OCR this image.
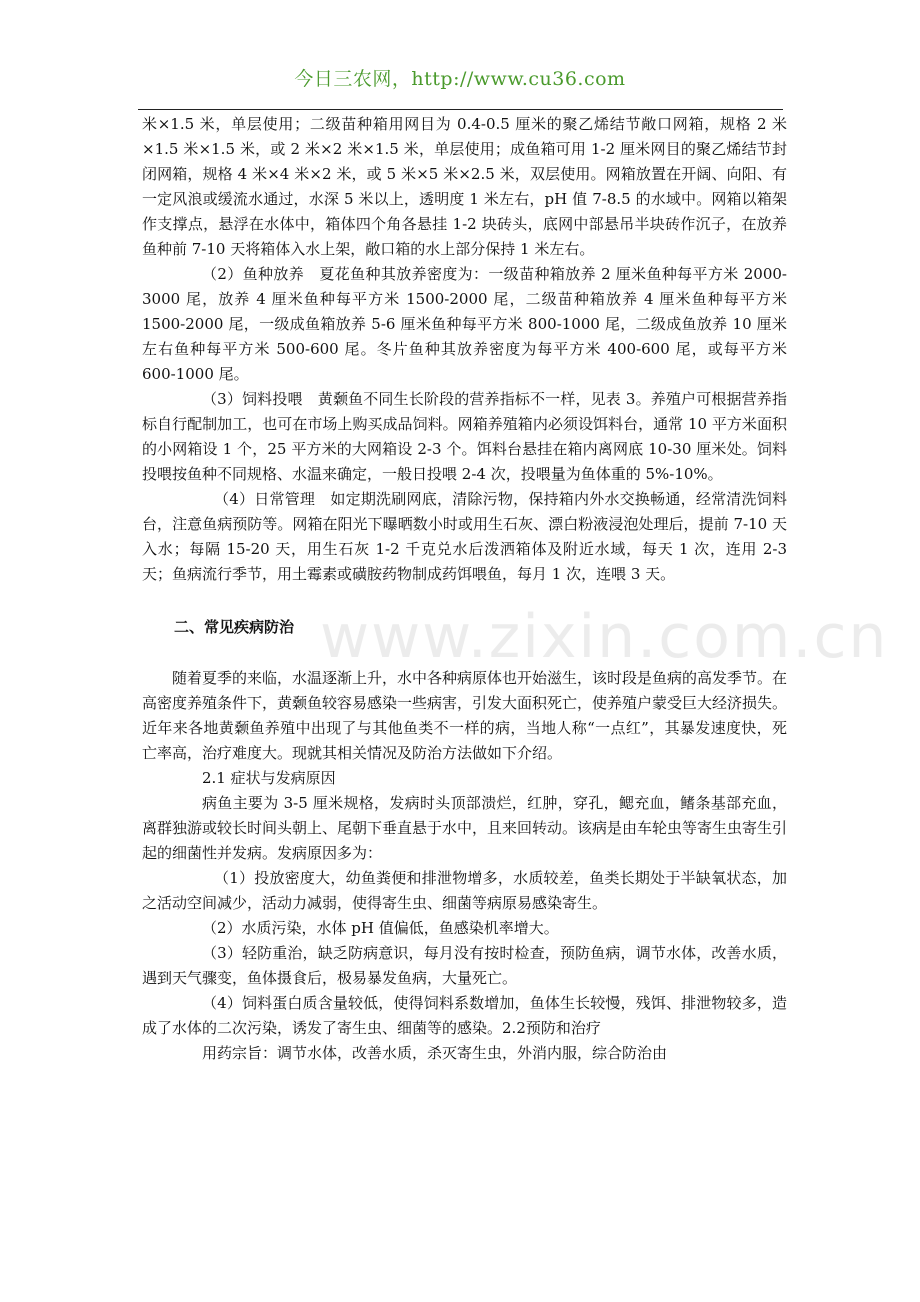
今日三农网，http://www.cu36.com
www.zixin.com.cn

米×1.5 米，单层使用；二级苗种箱用网目为 0.4-0.5 厘米的聚乙烯结节敞口网箱，规格 2 米×1.5 米×1.5 米，或 2 米×2 米×1.5 米，单层使用；成鱼箱可用 1-2 厘米网目的聚乙烯结节封闭网箱，规格 4 米×4 米×2 米，或 5 米×5 米×2.5 米，双层使用。网箱放置在开阔、向阳、有一定风浪或缓流水通过，水深 5 米以上，透明度 1 米左右，pH 值 7-8.5 的水域中。网箱以箱架作支撑点，悬浮在水体中，箱体四个角各悬挂 1-2 块砖头，底网中部悬吊半块砖作沉子，在放养鱼种前 7-10 天将箱体入水上架，敞口箱的水上部分保持 1 米左右。

（2）鱼种放养　夏花鱼种其放养密度为：一级苗种箱放养 2 厘米鱼种每平方米 2000-3000 尾，放养 4 厘米鱼种每平方米 1500-2000 尾，二级苗种箱放养 4 厘米鱼种每平方米 1500-2000 尾，一级成鱼箱放养 5-6 厘米鱼种每平方米 800-1000 尾，二级成鱼放养 10 厘米左右鱼种每平方米 500-600 尾。冬片鱼种其放养密度为每平方米 400-600 尾，或每平方米 600-1000 尾。

（3）饲料投喂　黄颡鱼不同生长阶段的营养指标不一样，见表 3。养殖户可根据营养指标自行配制加工，也可在市场上购买成品饲料。网箱养殖箱内必须设饵料台，通常 10 平方米面积的小网箱设 1 个，25 平方米的大网箱设 2-3 个。饵料台悬挂在箱内离网底 10-30 厘米处。饲料投喂按鱼种不同规格、水温来确定，一般日投喂 2-4 次，投喂量为鱼体重的 5%-10%。

（4）日常管理　如定期洗刷网底，清除污物，保持箱内外水交换畅通，经常清洗饲料台，注意鱼病预防等。网箱在阳光下曝晒数小时或用生石灰、漂白粉液浸泡处理后，提前 7-10 天入水；每隔 15-20 天，用生石灰 1-2 千克兑水后泼洒箱体及附近水域，每天 1 次，连用 2-3 天；鱼病流行季节，用土霉素或磺胺药物制成药饵喂鱼，每月 1 次，连喂 3 天。

二、常见疾病防治

随着夏季的来临，水温逐渐上升，水中各种病原体也开始滋生，该时段是鱼病的高发季节。在高密度养殖条件下，黄颡鱼较容易感染一些病害，引发大面积死亡，使养殖户蒙受巨大经济损失。近年来各地黄颡鱼养殖中出现了与其他鱼类不一样的病，当地人称“一点红”，其暴发速度快，死亡率高，治疗难度大。现就其相关情况及防治方法做如下介绍。

2.1 症状与发病原因

病鱼主要为 3-5 厘米规格，发病时头顶部溃烂，红肿，穿孔，鳃充血，鳍条基部充血，离群独游或较长时间头朝上、尾朝下垂直悬于水中，且来回转动。该病是由车轮虫等寄生虫寄生引起的细菌性并发病。发病原因多为：

（1）投放密度大，幼鱼粪便和排泄物增多，水质较差，鱼类长期处于半缺氧状态，加之活动空间减少，活动力减弱，使得寄生虫、细菌等病原易感染寄生。

（2）水质污染，水体 pH 值偏低，鱼感染机率增大。

（3）轻防重治，缺乏防病意识，每月没有按时检查，预防鱼病，调节水体，改善水质，遇到天气骤变，鱼体摄食后，极易暴发鱼病，大量死亡。

（4）饲料蛋白质含量较低，使得饲料系数增加，鱼体生长较慢，残饵、排泄物较多，造成了水体的二次污染，诱发了寄生虫、细菌等的感染。2.2预防和治疗

用药宗旨：调节水体，改善水质，杀灭寄生虫，外消内服，综合防治由
